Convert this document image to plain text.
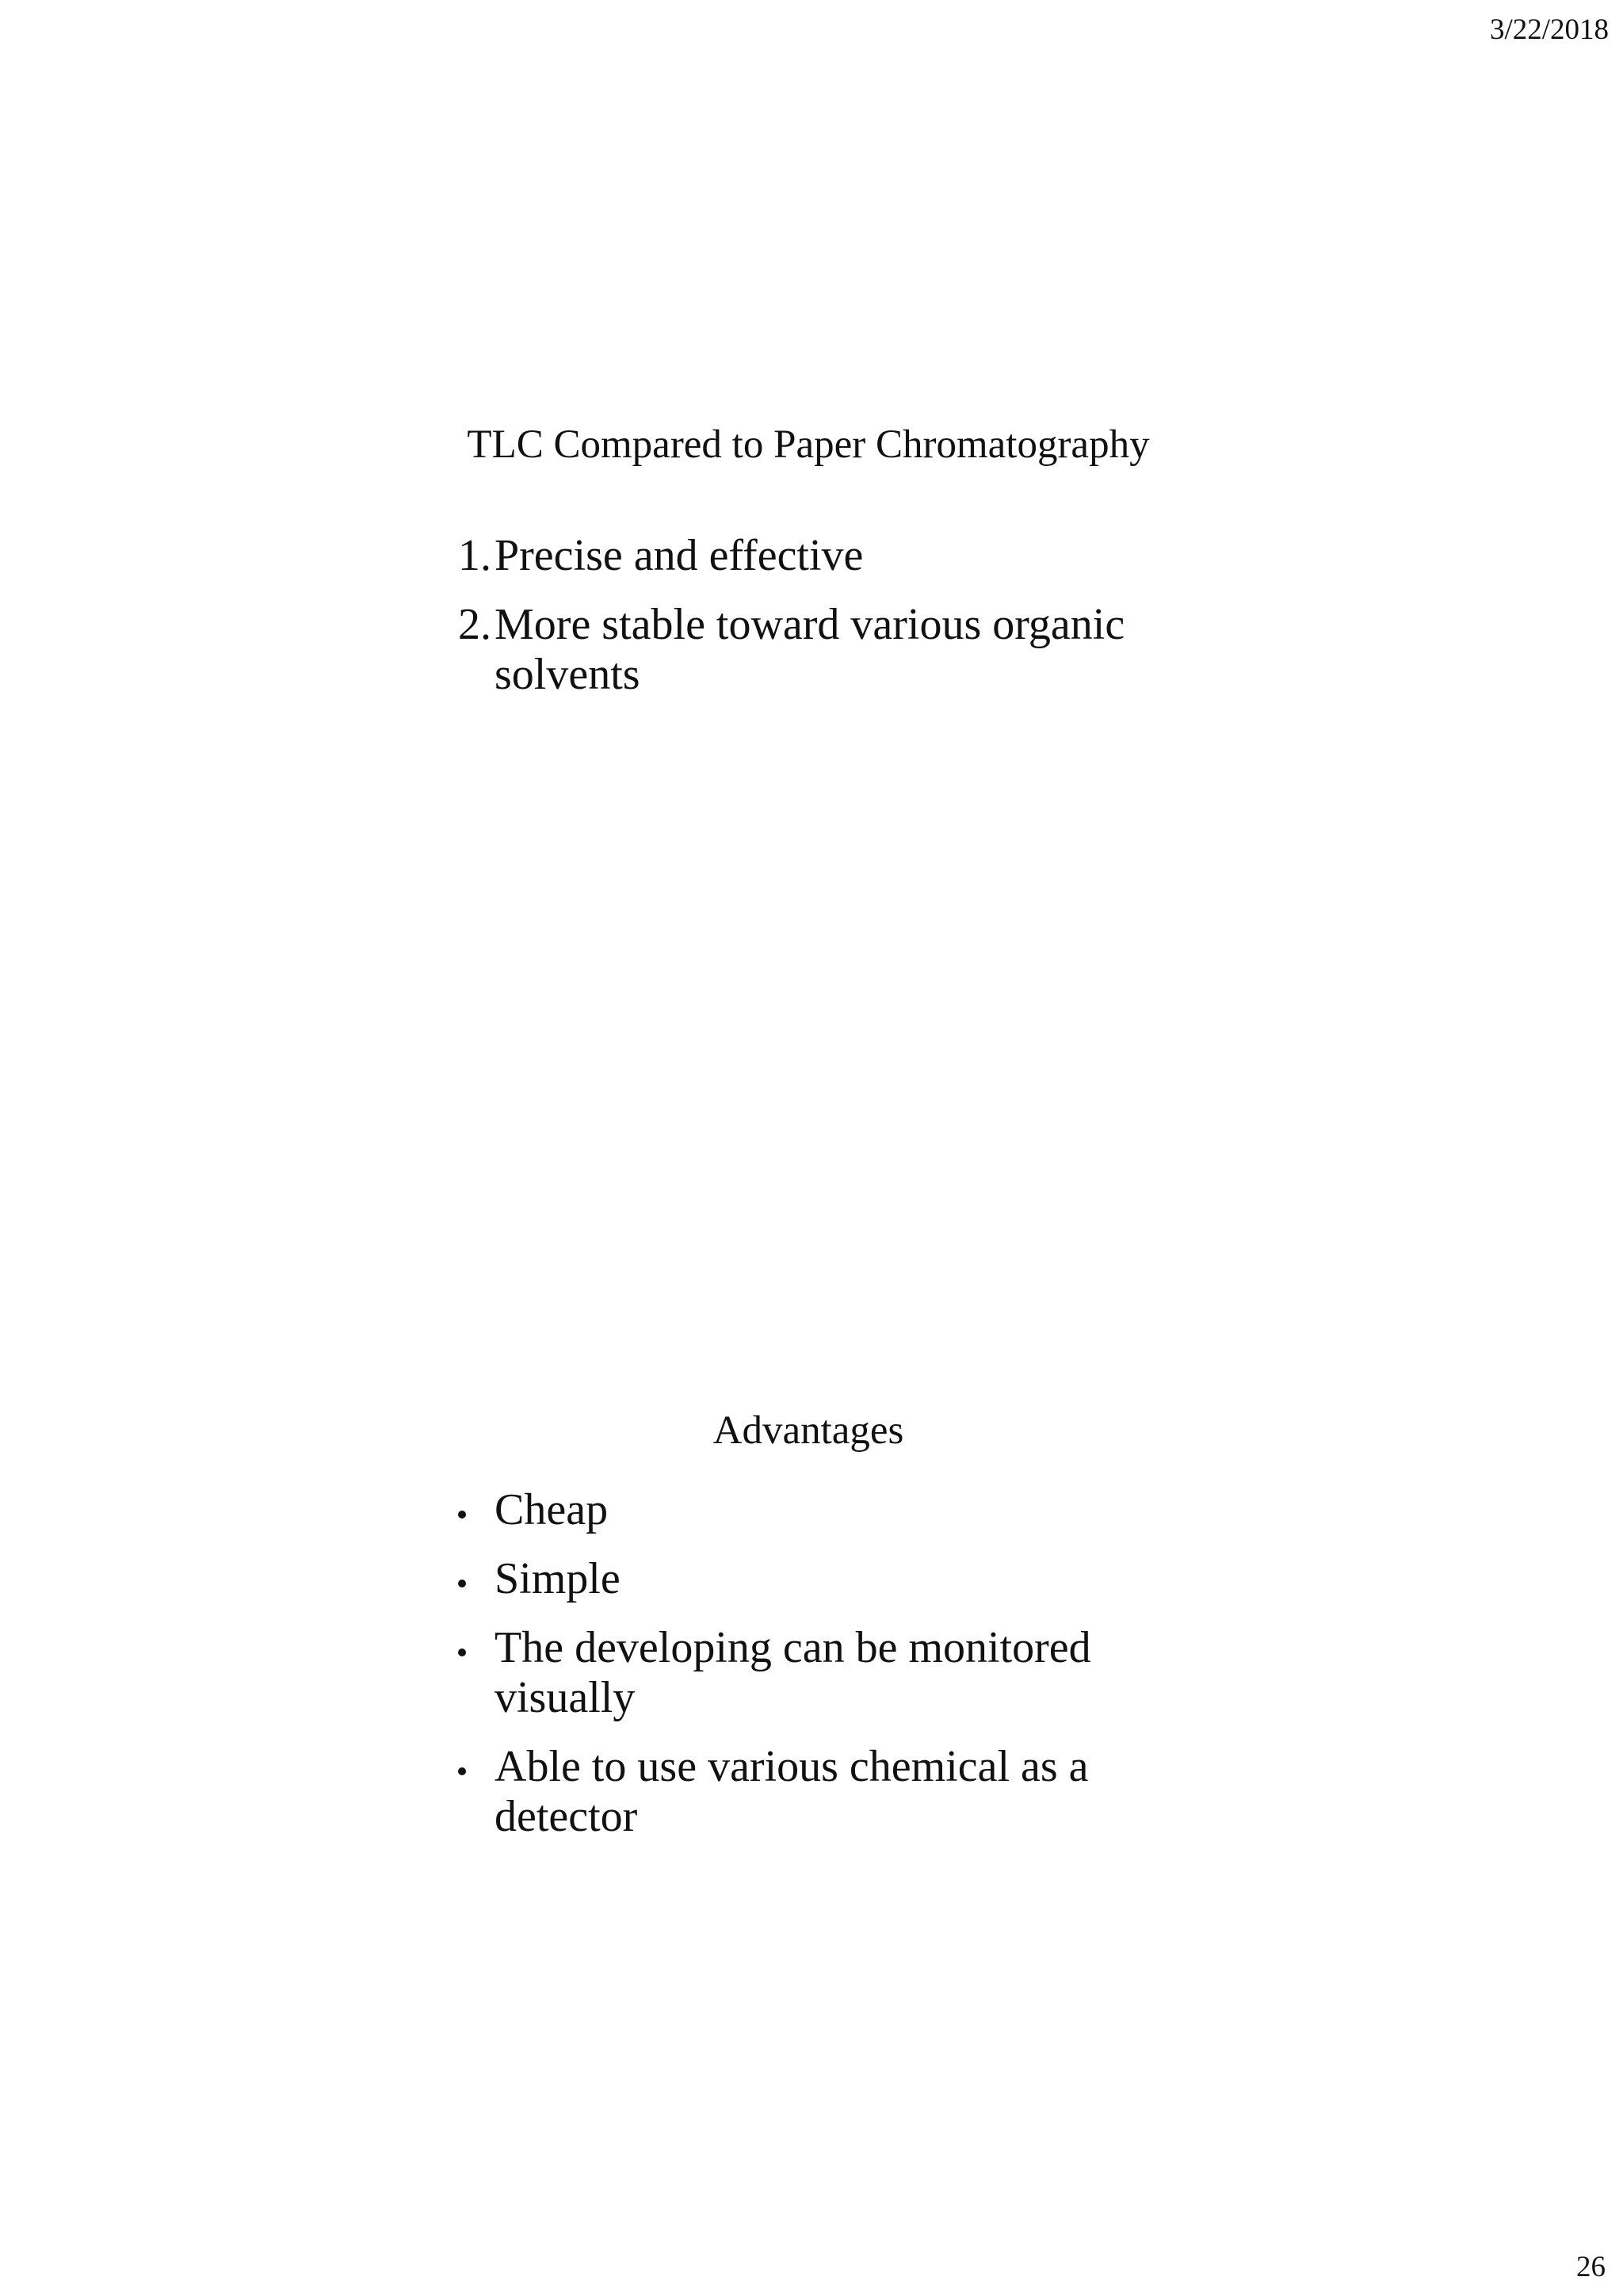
3/22/2018
TLC Compared to Paper Chromatography
1. Precise and effective
2. More stable toward various organic solvents
Advantages
Cheap
Simple
The developing can be monitored visually
Able to use various chemical as a detector
26
